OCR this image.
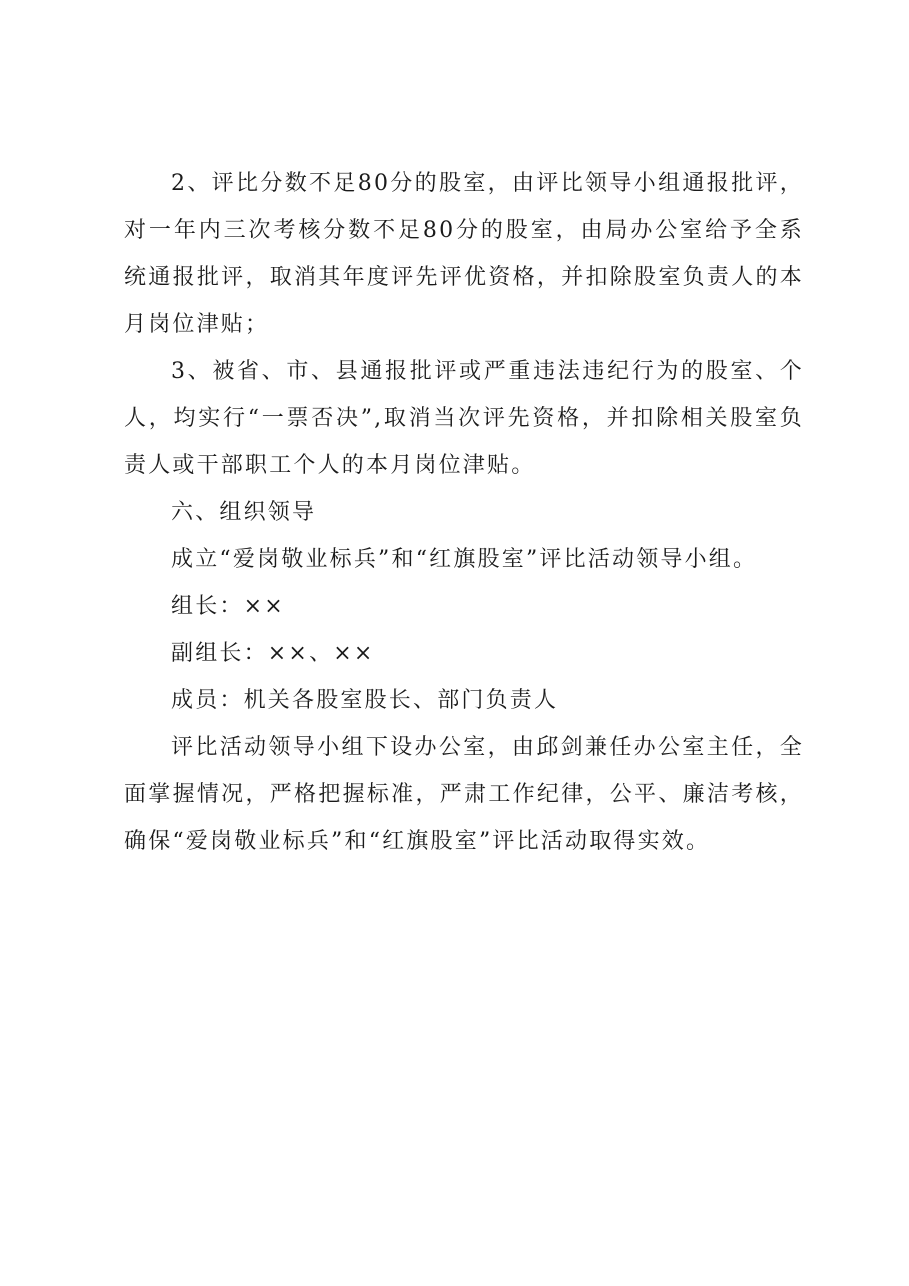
2、评比分数不足80分的股室，由评比领导小组通报批评，对一年内三次考核分数不足80分的股室，由局办公室给予全系统通报批评，取消其年度评先评优资格，并扣除股室负责人的本月岗位津贴；

3、被省、市、县通报批评或严重违法违纪行为的股室、个人，均实行“一票否决”,取消当次评先资格，并扣除相关股室负责人或干部职工个人的本月岗位津贴。

六、组织领导

成立“爱岗敬业标兵”和“红旗股室”评比活动领导小组。

组长：××

副组长：××、××

成员：机关各股室股长、部门负责人

评比活动领导小组下设办公室，由邱剑兼任办公室主任，全面掌握情况，严格把握标准，严肃工作纪律，公平、廉洁考核，确保“爱岗敬业标兵”和“红旗股室”评比活动取得实效。
